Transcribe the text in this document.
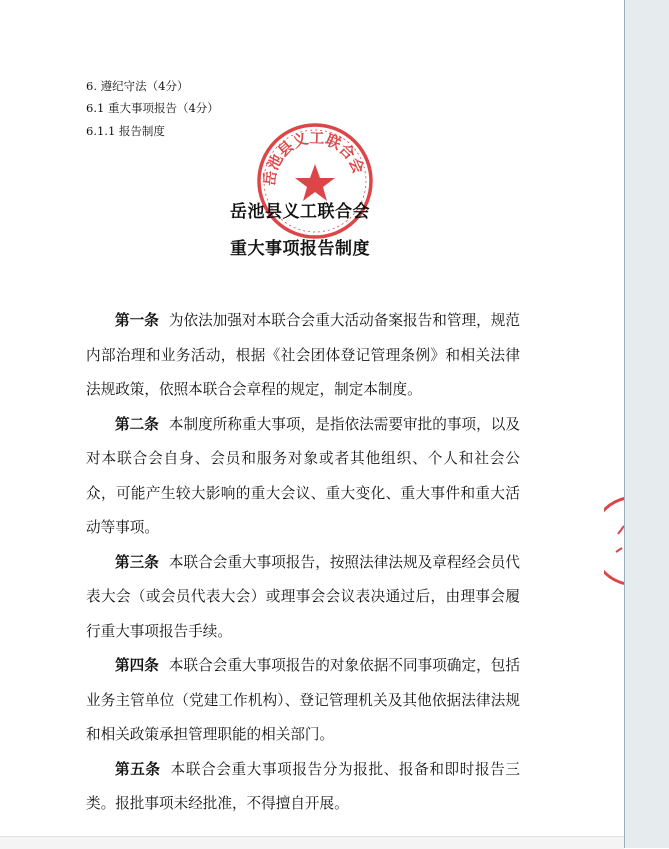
6. 遵纪守法（4分）
6.1 重大事项报告（4分）
6.1.1 报告制度
岳池县义工联合会
岳池县义工联合会
重大事项报告制度

第一条 为依法加强对本联合会重大活动备案报告和管理，规范内部治理和业务活动，根据《社会团体登记管理条例》和相关法律法规政策，依照本联合会章程的规定，制定本制度。

第二条 本制度所称重大事项，是指依法需要审批的事项，以及对本联合会自身、会员和服务对象或者其他组织、个人和社会公众，可能产生较大影响的重大会议、重大变化、重大事件和重大活动等事项。

第三条 本联合会重大事项报告，按照法律法规及章程经会员代表大会（或会员代表大会）或理事会会议表决通过后，由理事会履行重大事项报告手续。

第四条 本联合会重大事项报告的对象依据不同事项确定，包括业务主管单位（党建工作机构）、登记管理机关及其他依据法律法规和相关政策承担管理职能的相关部门。

第五条 本联合会重大事项报告分为报批、报备和即时报告三类。报批事项未经批准，不得擅自开展。
